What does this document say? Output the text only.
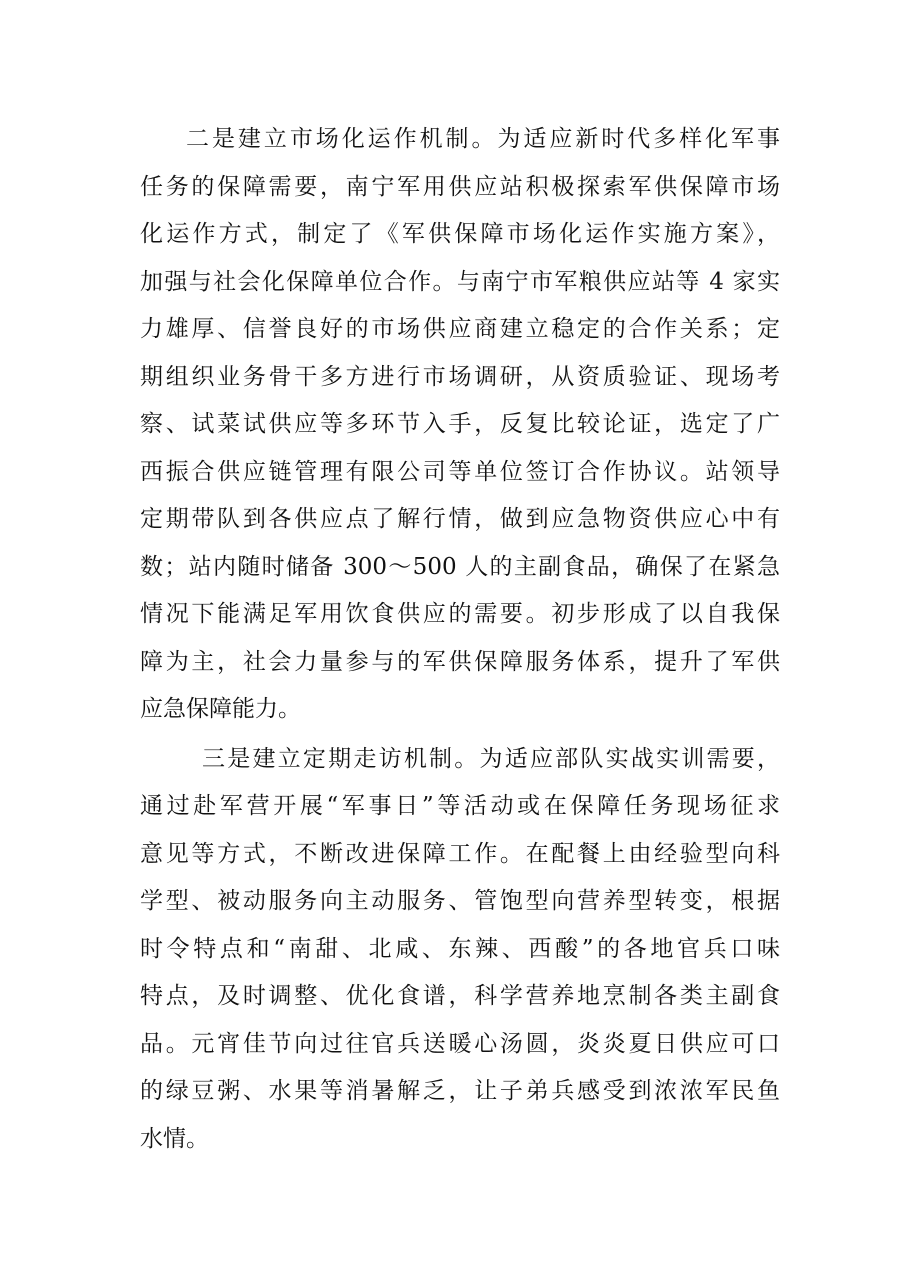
二是建立市场化运作机制。为适应新时代多样化军事
任务的保障需要，南宁军用供应站积极探索军供保障市场
化运作方式，制定了《军供保障市场化运作实施方案》，
加强与社会化保障单位合作。与南宁市军粮供应站等 4 家实
力雄厚、信誉良好的市场供应商建立稳定的合作关系；定
期组织业务骨干多方进行市场调研，从资质验证、现场考
察、试菜试供应等多环节入手，反复比较论证，选定了广
西振合供应链管理有限公司等单位签订合作协议。站领导
定期带队到各供应点了解行情，做到应急物资供应心中有
数；站内随时储备 300～500 人的主副食品，确保了在紧急
情况下能满足军用饮食供应的需要。初步形成了以自我保
障为主，社会力量参与的军供保障服务体系，提升了军供
应急保障能力。
三是建立定期走访机制。为适应部队实战实训需要，
通过赴军营开展“军事日”等活动或在保障任务现场征求
意见等方式，不断改进保障工作。在配餐上由经验型向科
学型、被动服务向主动服务、管饱型向营养型转变，根据
时令特点和“南甜、北咸、东辣、西酸”的各地官兵口味
特点，及时调整、优化食谱，科学营养地烹制各类主副食
品。元宵佳节向过往官兵送暖心汤圆，炎炎夏日供应可口
的绿豆粥、水果等消暑解乏，让子弟兵感受到浓浓军民鱼
水情。
